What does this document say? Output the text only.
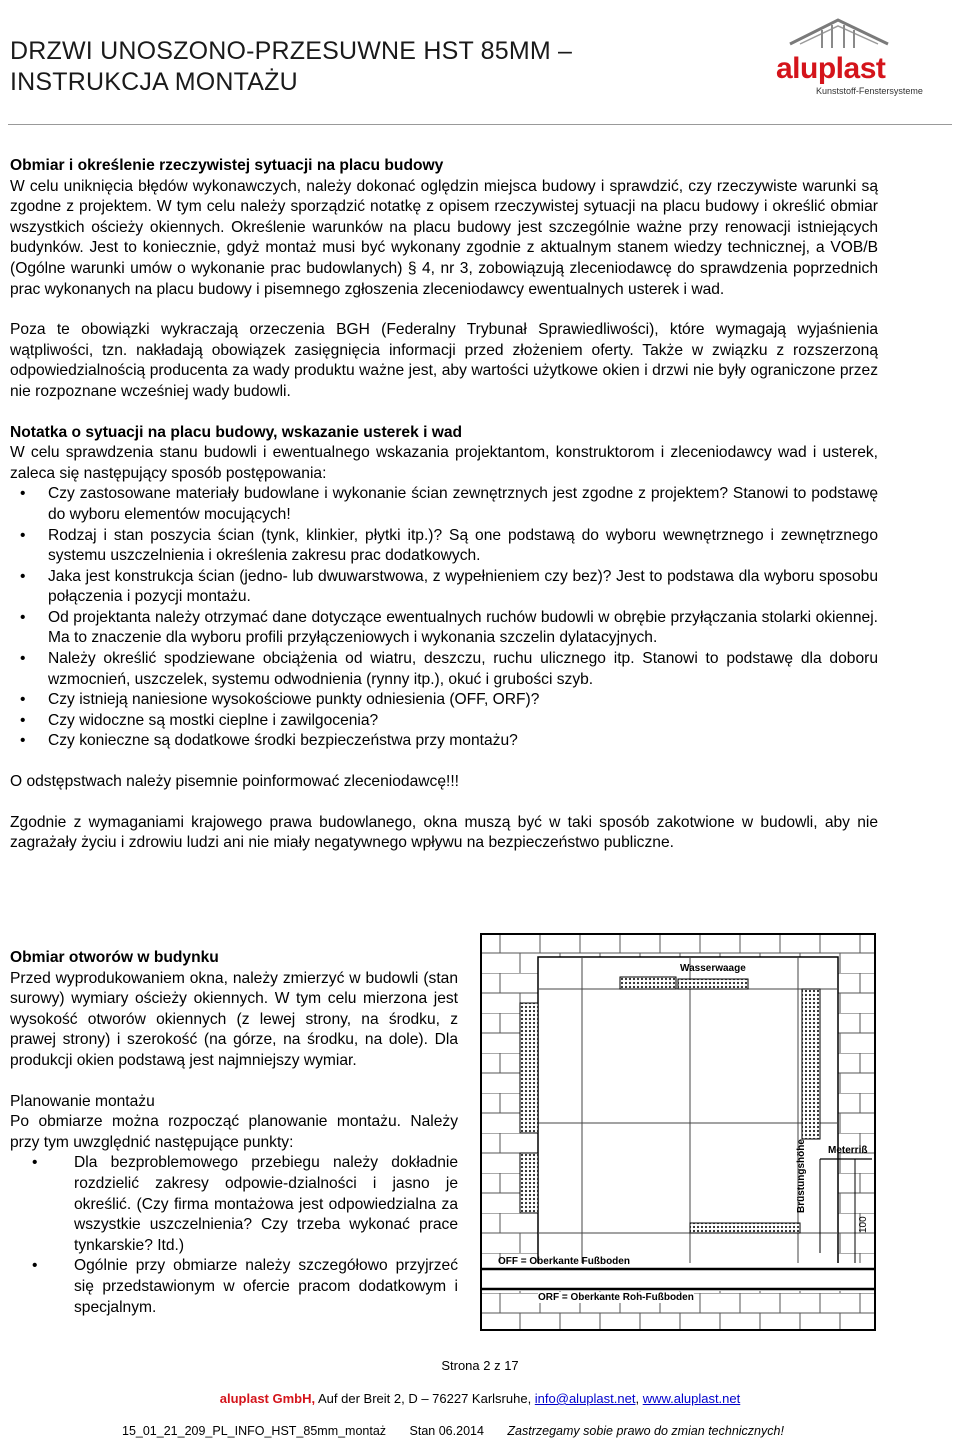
DRZWI UNOSZONO-PRZESUWNE HST 85MM –
INSTRUKCJA MONTAŻU	aluplast
Kunststoff-Fenstersysteme

Obmiar i określenie rzeczywistej sytuacji na placu budowy

W celu uniknięcia błędów wykonawczych, należy dokonać oględzin miejsca budowy i sprawdzić, czy rzeczywiste warunki są zgodne z projektem. W tym celu należy sporządzić notatkę z opisem rzeczywistej sytuacji na placu budowy i określić obmiar wszystkich ościeży okiennych. Określenie warunków na placu budowy jest szczególnie ważne przy renowacji istniejących budynków. Jest to koniecznie, gdyż montaż musi być wykonany zgodnie z aktualnym stanem wiedzy technicznej, a VOB/B (Ogólne warunki umów o wykonanie prac budowlanych) § 4, nr 3, zobowiązują zleceniodawcę do sprawdzenia poprzednich prac wykonanych na placu budowy i pisemnego zgłoszenia zleceniodawcy ewentualnych usterek i wad.

Poza te obowiązki wykraczają orzeczenia BGH (Federalny Trybunał Sprawiedliwości), które wymagają wyjaśnienia wątpliwości, tzn. nakładają obowiązek zasięgnięcia informacji przed złożeniem oferty. Także w związku z rozszerzoną odpowiedzialnością producenta za wady produktu ważne jest, aby wartości użytkowe okien i drzwi nie były ograniczone przez nie rozpoznane wcześniej wady budowli.

Notatka o sytuacji na placu budowy, wskazanie usterek i wad

W celu sprawdzenia stanu budowli i ewentualnego wskazania projektantom, konstruktorom i zleceniodawcy wad i usterek, zaleca się następujący sposób postępowania:

• Czy zastosowane materiały budowlane i wykonanie ścian zewnętrznych jest zgodne z projektem? Stanowi to podstawę do wyboru elementów mocujących!
• Rodzaj i stan poszycia ścian (tynk, klinkier, płytki itp.)? Są one podstawą do wyboru wewnętrznego i zewnętrznego systemu uszczelnienia i określenia zakresu prac dodatkowych.
• Jaka jest konstrukcja ścian (jedno- lub dwuwarstwowa, z wypełnieniem czy bez)? Jest to podstawa dla wyboru sposobu połączenia i pozycji montażu.
• Od projektanta należy otrzymać dane dotyczące ewentualnych ruchów budowli w obrębie przyłączania stolarki okiennej. Ma to znaczenie dla wyboru profili przyłączeniowych i wykonania szczelin dylatacyjnych.
• Należy określić spodziewane obciążenia od wiatru, deszczu, ruchu ulicznego itp. Stanowi to podstawę dla doboru wzmocnień, uszczelek, systemu odwodnienia (rynny itp.), okuć i grubości szyb.
• Czy istnieją naniesione wysokościowe punkty odniesienia (OFF, ORF)?
• Czy widoczne są mostki cieplne i zawilgocenia?
• Czy konieczne są dodatkowe środki bezpieczeństwa przy montażu?

O odstępstwach należy pisemnie poinformować zleceniodawcę!!!

Zgodnie z wymaganiami krajowego prawa budowlanego, okna muszą być w taki sposób zakotwione w budowli, aby nie zagrażały życiu i zdrowiu ludzi ani nie miały negatywnego wpływu na bezpieczeństwo publiczne.

Obmiar otworów w budynku

Przed wyprodukowaniem okna, należy zmierzyć w budowli (stan surowy) wymiary ościeży okiennych. W tym celu mierzona jest wysokość otworów okiennych (z lewej strony, na środku, z prawej strony) i szerokość (na górze, na środku, na dole). Dla produkcji okien podstawą jest najmniejszy wymiar.

Planowanie montażu

Po obmiarze można rozpocząć planowanie montażu. Należy przy tym uwzględnić następujące punkty:

• Dla bezproblemowego przebiegu należy dokładnie rozdzielić zakresy odpowie-dzialności i jasno je określić. (Czy firma montażowa jest odpowiedzialna za wszystkie uszczelnienia? Czy trzeba wykonać prace tynkarskie? Itd.)
• Ogólnie przy obmiarze należy szczegółowo przyjrzeć się przedstawionym w ofercie pracom dodatkowym i specjalnym.
Wasserwaage
Meterriß
Brüstungshöhe
100
OFF = Oberkante Fußboden
ORF = Oberkante Roh-Fußboden
Strona 2 z 17
aluplast GmbH, Auf der Breit 2, D – 76227 Karlsruhe, info@aluplast.net, www.aluplast.net
15_01_21_209_PL_INFO_HST_85mm_montaż Stan 06.2014 Zastrzegamy sobie prawo do zmian technicznych!
